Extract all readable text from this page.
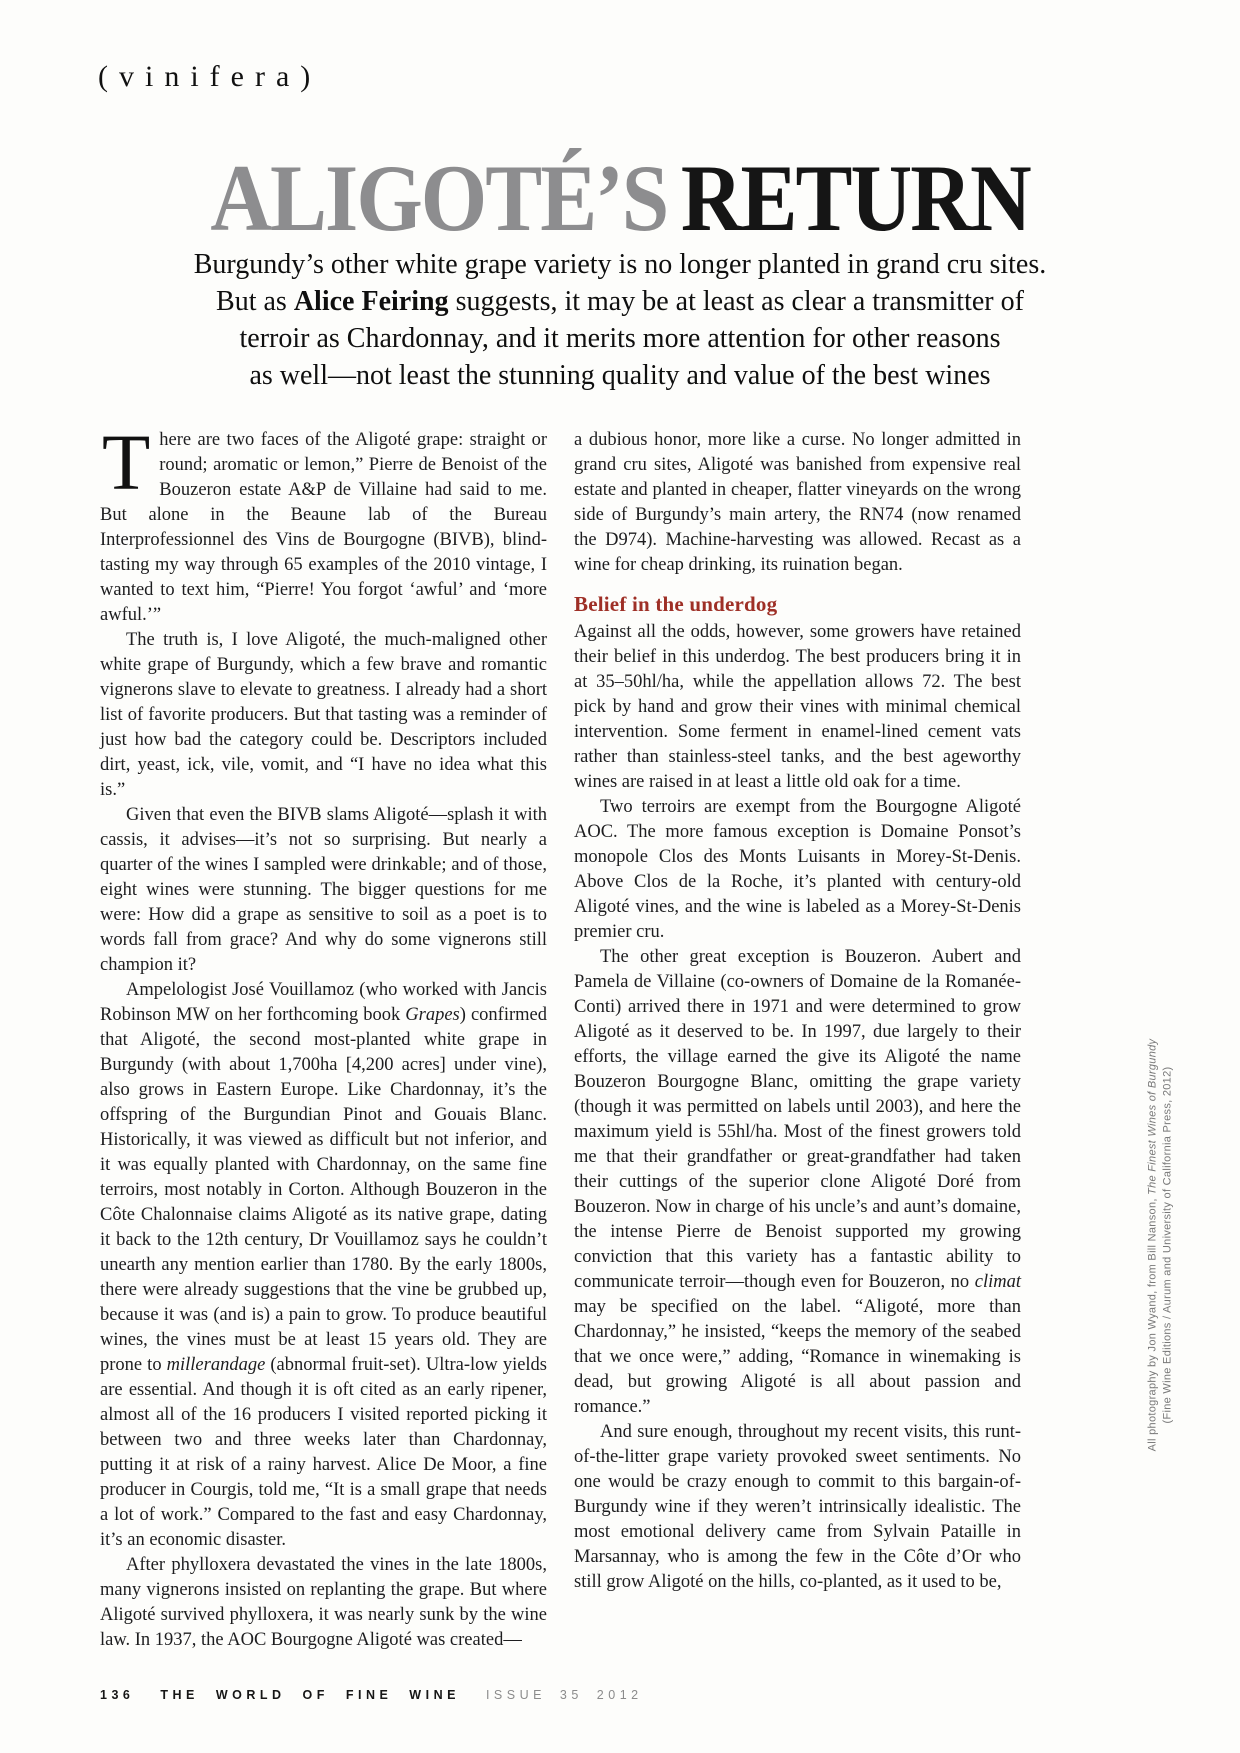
(vinifera)
ALIGOTÉ’S RETURN
Burgundy’s other white grape variety is no longer planted in grand cru sites.
But as Alice Feiring suggests, it may be at least as clear a transmitter of
terroir as Chardonnay, and it merits more attention for other reasons
as well—not least the stunning quality and value of the best wines

There are two faces of the Aligoté grape: straight or round; aromatic or lemon,” Pierre de Benoist of the Bouzeron estate A&P de Villaine had said to me. But alone in the Beaune lab of the Bureau Interprofessionnel des Vins de Bourgogne (BIVB), blind-tasting my way through 65 examples of the 2010 vintage, I wanted to text him, “Pierre! You forgot ‘awful’ and ‘more awful.’”

The truth is, I love Aligoté, the much-maligned other white grape of Burgundy, which a few brave and romantic vignerons slave to elevate to greatness. I already had a short list of favorite producers. But that tasting was a reminder of just how bad the category could be. Descriptors included dirt, yeast, ick, vile, vomit, and “I have no idea what this is.”

Given that even the BIVB slams Aligoté—splash it with cassis, it advises—it’s not so surprising. But nearly a quarter of the wines I sampled were drinkable; and of those, eight wines were stunning. The bigger questions for me were: How did a grape as sensitive to soil as a poet is to words fall from grace? And why do some vignerons still champion it?

Ampelologist José Vouillamoz (who worked with Jancis Robinson MW on her forthcoming book Grapes) confirmed that Aligoté, the second most-planted white grape in Burgundy (with about 1,700ha [4,200 acres] under vine), also grows in Eastern Europe. Like Chardonnay, it’s the offspring of the Burgundian Pinot and Gouais Blanc. Historically, it was viewed as difficult but not inferior, and it was equally planted with Chardonnay, on the same fine terroirs, most notably in Corton. Although Bouzeron in the Côte Chalonnaise claims Aligoté as its native grape, dating it back to the 12th century, Dr Vouillamoz says he couldn’t unearth any mention earlier than 1780. By the early 1800s, there were already suggestions that the vine be grubbed up, because it was (and is) a pain to grow. To produce beautiful wines, the vines must be at least 15 years old. They are prone to millerandage (abnormal fruit-set). Ultra-low yields are essential. And though it is oft cited as an early ripener, almost all of the 16 producers I visited reported picking it between two and three weeks later than Chardonnay, putting it at risk of a rainy harvest. Alice De Moor, a fine producer in Courgis, told me, “It is a small grape that needs a lot of work.” Compared to the fast and easy Chardonnay, it’s an economic disaster.

After phylloxera devastated the vines in the late 1800s, many vignerons insisted on replanting the grape. But where Aligoté survived phylloxera, it was nearly sunk by the wine law. In 1937, the AOC Bourgogne Aligoté was created—

a dubious honor, more like a curse. No longer admitted in grand cru sites, Aligoté was banished from expensive real estate and planted in cheaper, flatter vineyards on the wrong side of Burgundy’s main artery, the RN74 (now renamed the D974). Machine-harvesting was allowed. Recast as a wine for cheap drinking, its ruination began.

Belief in the underdog

Against all the odds, however, some growers have retained their belief in this underdog. The best producers bring it in at 35–50hl/ha, while the appellation allows 72. The best pick by hand and grow their vines with minimal chemical intervention. Some ferment in enamel-lined cement vats rather than stainless-steel tanks, and the best ageworthy wines are raised in at least a little old oak for a time.

Two terroirs are exempt from the Bourgogne Aligoté AOC. The more famous exception is Domaine Ponsot’s monopole Clos des Monts Luisants in Morey-St-Denis. Above Clos de la Roche, it’s planted with century-old Aligoté vines, and the wine is labeled as a Morey-St-Denis premier cru.

The other great exception is Bouzeron. Aubert and Pamela de Villaine (co-owners of Domaine de la Romanée-Conti) arrived there in 1971 and were determined to grow Aligoté as it deserved to be. In 1997, due largely to their efforts, the village earned the give its Aligoté the name Bouzeron Bourgogne Blanc, omitting the grape variety (though it was permitted on labels until 2003), and here the maximum yield is 55hl/ha. Most of the finest growers told me that their grandfather or great-grandfather had taken their cuttings of the superior clone Aligoté Doré from Bouzeron. Now in charge of his uncle’s and aunt’s domaine, the intense Pierre de Benoist supported my growing conviction that this variety has a fantastic ability to communicate terroir—though even for Bouzeron, no climat may be specified on the label. “Aligoté, more than Chardonnay,” he insisted, “keeps the memory of the seabed that we once were,” adding, “Romance in winemaking is dead, but growing Aligoté is all about passion and romance.”

And sure enough, throughout my recent visits, this runt-of-the-litter grape variety provoked sweet sentiments. No one would be crazy enough to commit to this bargain-of-Burgundy wine if they weren’t intrinsically idealistic. The most emotional delivery came from Sylvain Pataille in Marsannay, who is among the few in the Côte d’Or who still grow Aligoté on the hills, co-planted, as it used to be,

All photography by Jon Wyand, from Bill Nanson, The Finest Wines of Burgundy (Fine Wine Editions / Aurum and University of California Press, 2012)
136 THE WORLD OF FINE WINE ISSUE 35 2012
